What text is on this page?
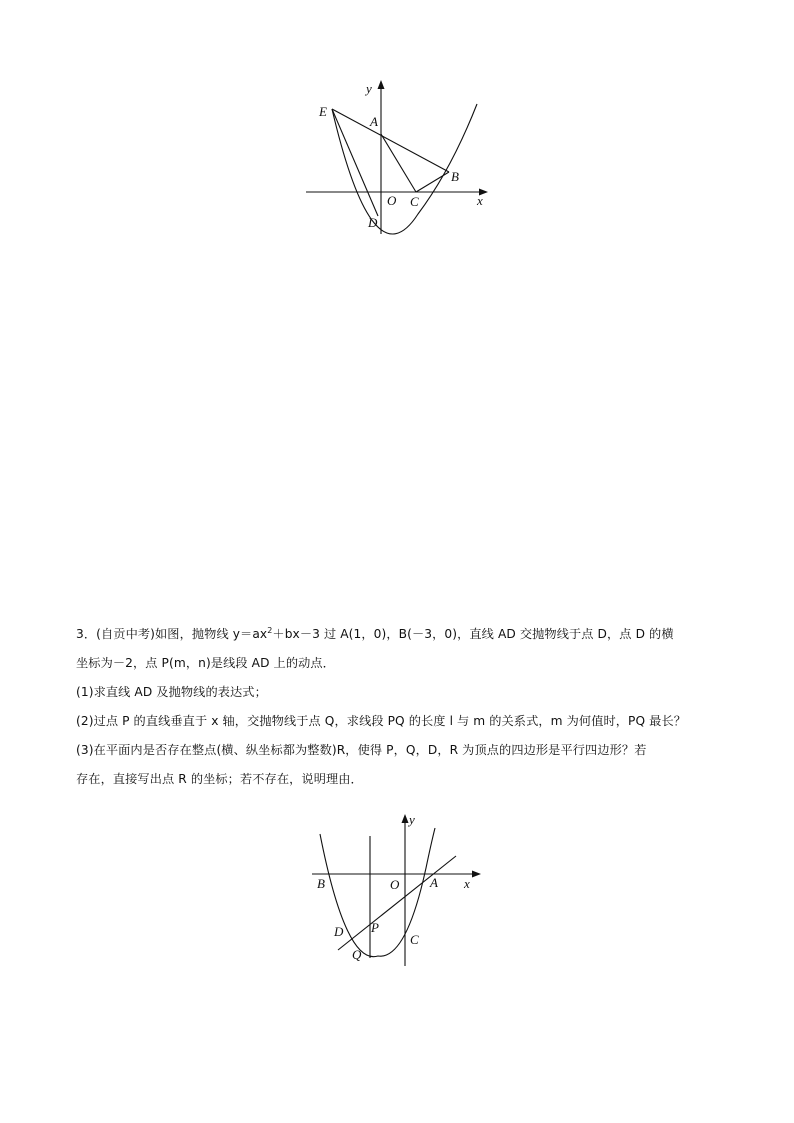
y
E
A
B
O C	x
D

3．(自贡中考)如图，抛物线 $y=ax^2+bx-3$ 过 A(1，0)，B(－3，0)，直线 AD 交抛物线于点 D，点 D 的横

坐标为－2，点 P(m，n)是线段 AD 上的动点．

(1)求直线 AD 及抛物线的表达式；

(2)过点 P 的直线垂直于 x 轴，交抛物线于点 Q，求线段 PQ 的长度 l 与 m 的关系式，m 为何值时，PQ 最长？

(3)在平面内是否存在整点(横、纵坐标都为整数)R，使得 P，Q，D，R 为顶点的四边形是平行四边形？若

存在，直接写出点 R 的坐标；若不存在，说明理由．

y
B	O A x
D P
C
Q
